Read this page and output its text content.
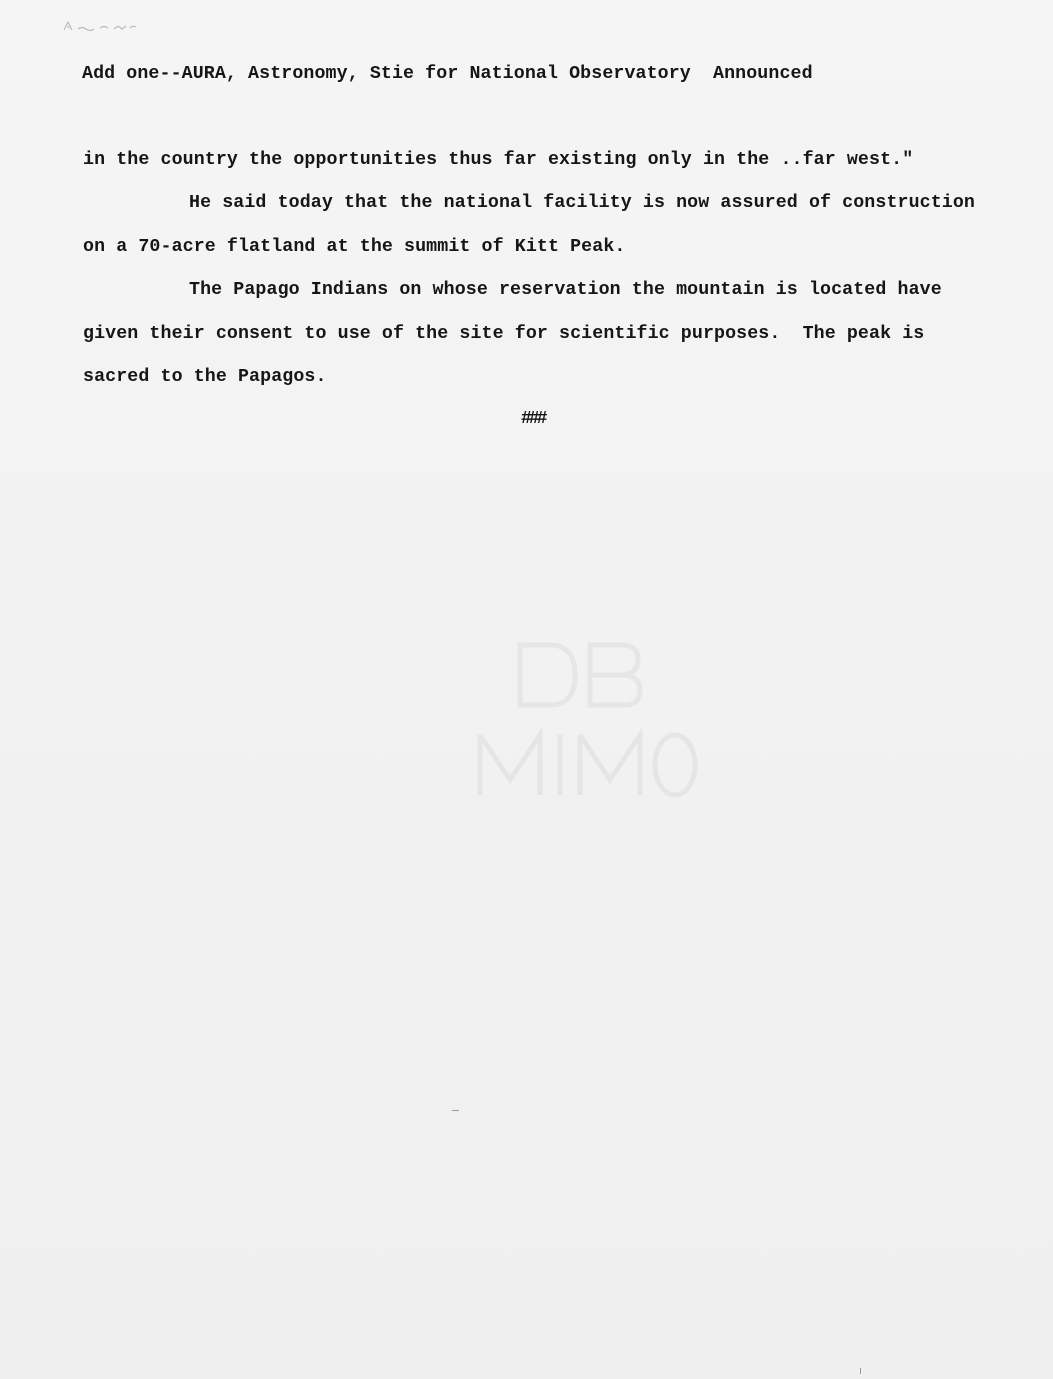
Add one--AURA, Astronomy, Stie for National Observatory  Announced
in the country the opportunities thus far existing only in the ..far west."
He said today that the national facility is now assured of construction
on a 70-acre flatland at the summit of Kitt Peak.
The Papago Indians on whose reservation the mountain is located have
given their consent to use of the site for scientific purposes.  The peak is
sacred to the Papagos.
###
